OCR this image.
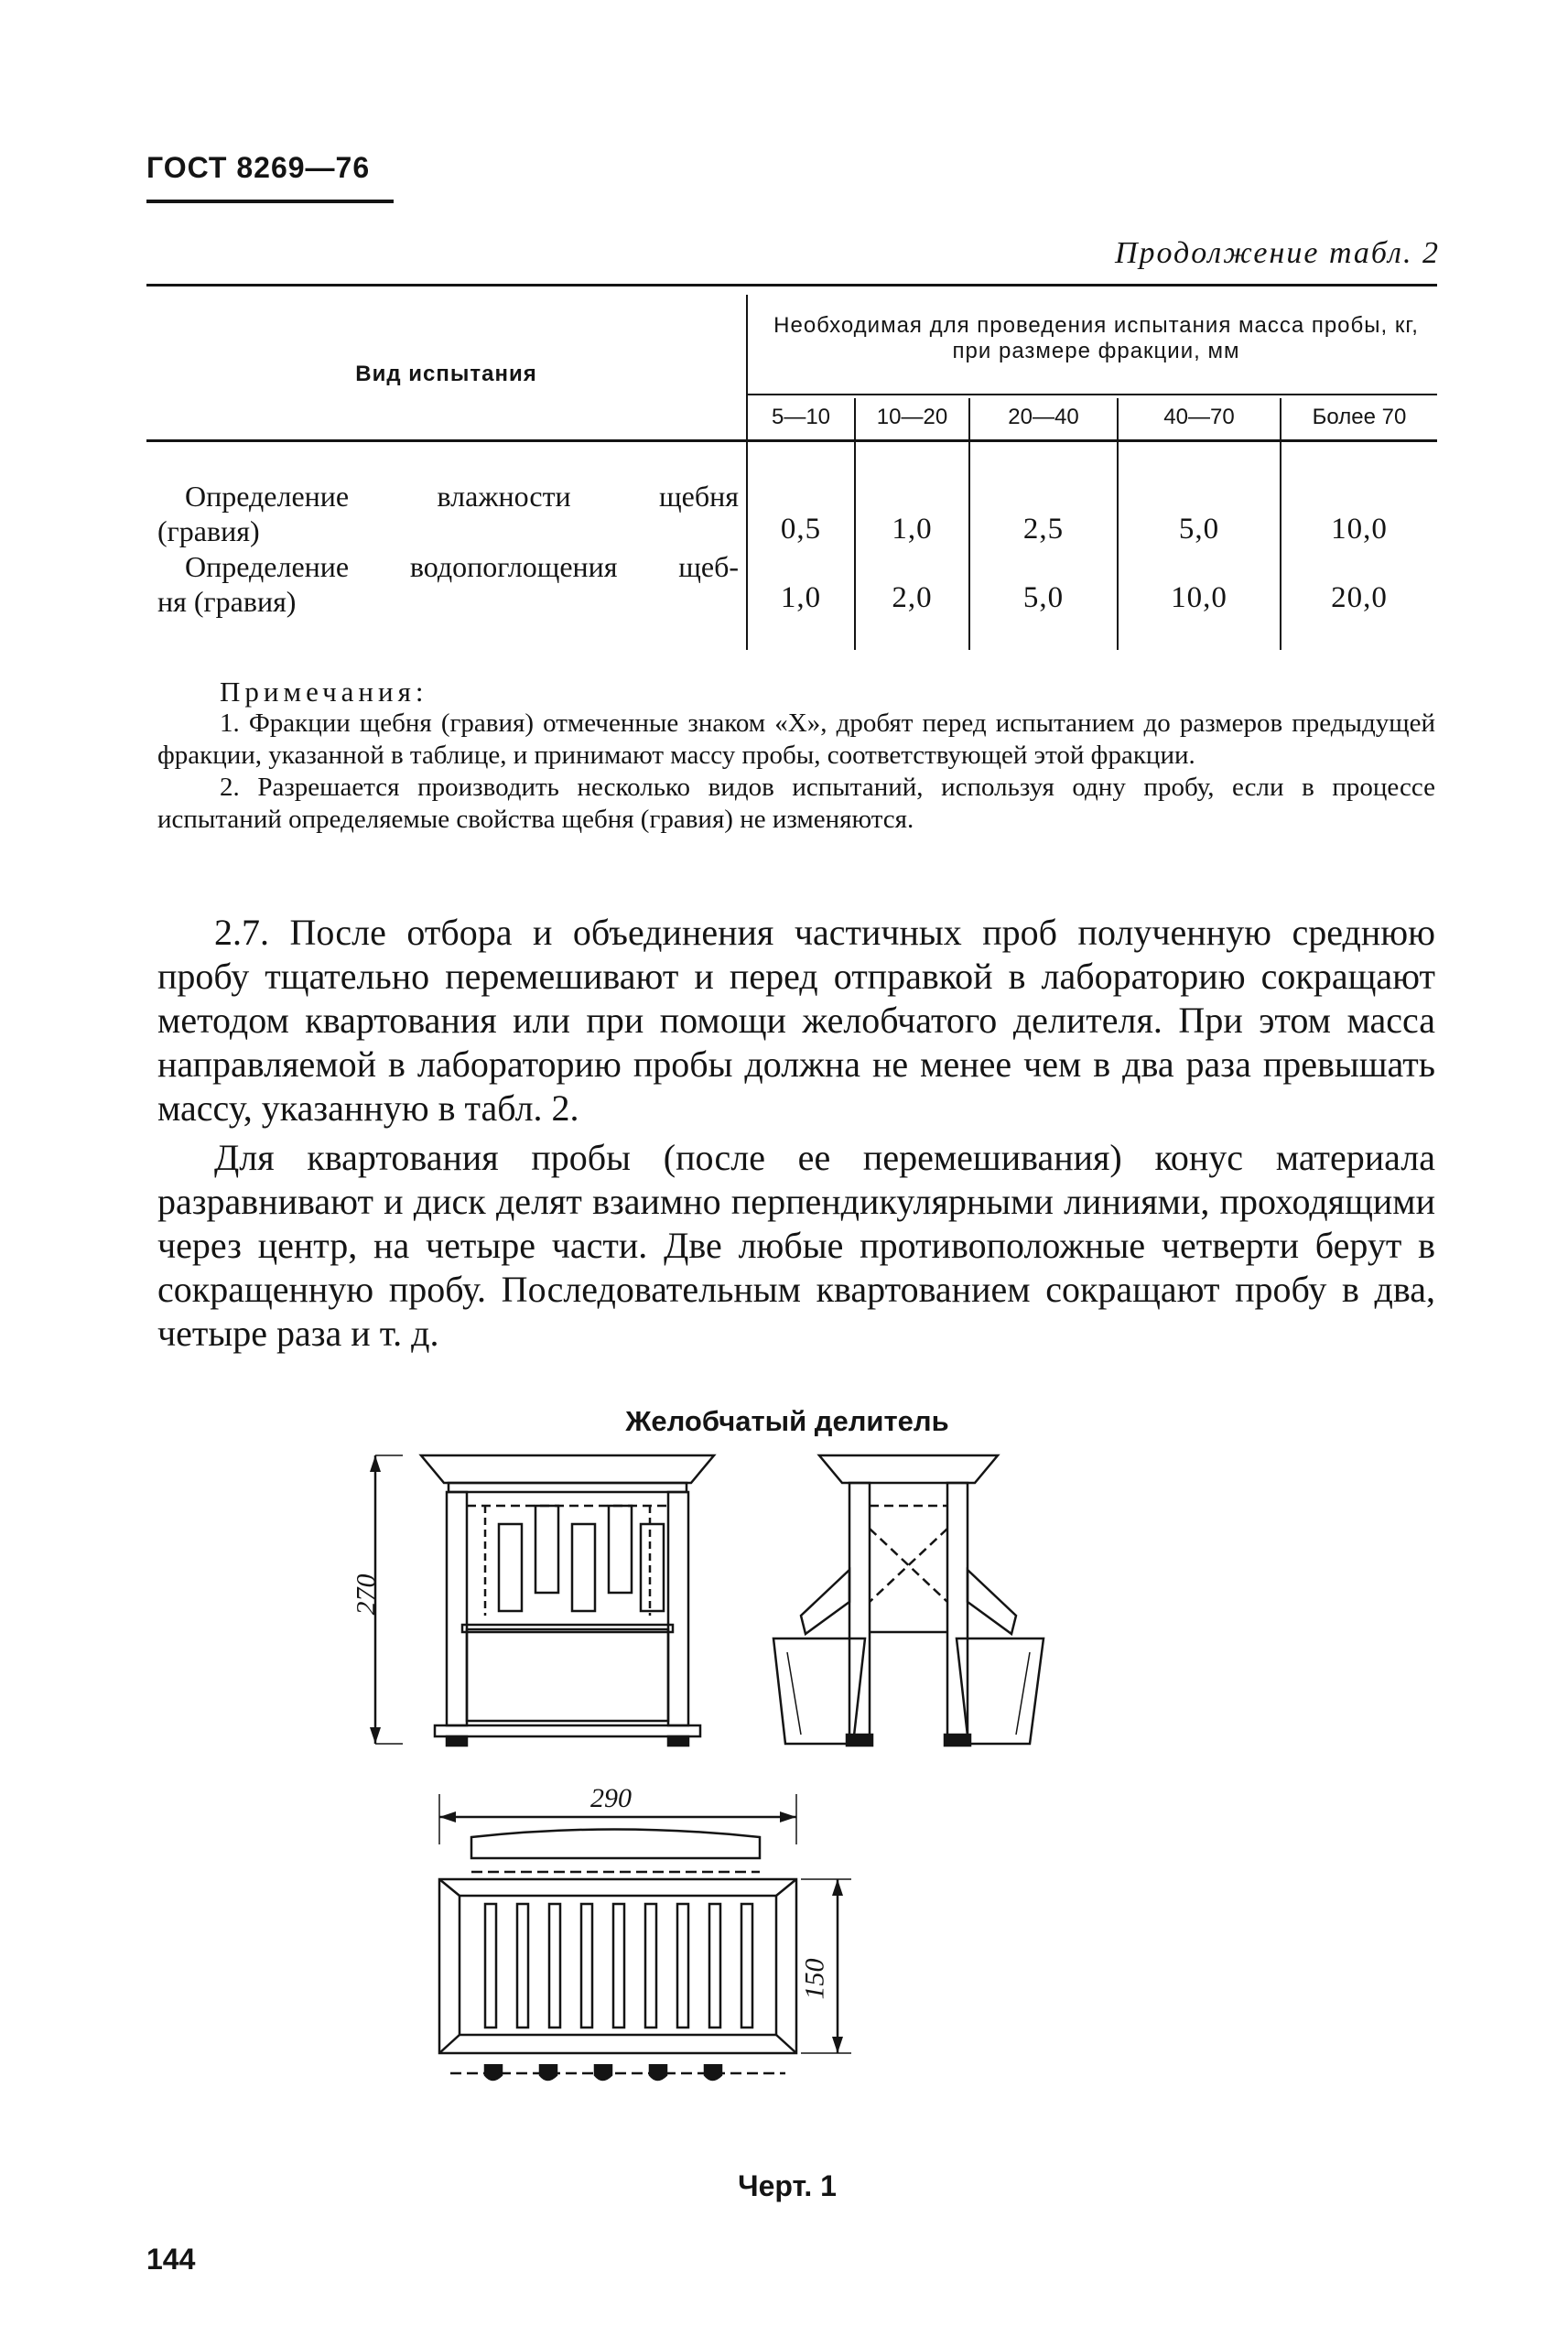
ГОСТ 8269—76
Продолжение табл. 2
Вид испытания
Необходимая для проведения испытания масса пробы, кг, при размере фракции, мм
5—10	10—20	20—40	40—70	Более 70
Определение влажности щебня
(гравия)	0,5	1,0	2,5	5,0	10,0
Определение водопоглощения щеб-
ня (гравия)	1,0	2,0	5,0	10,0	20,0

Примечания:

1. Фракции щебня (гравия) отмеченные знаком «X», дробят перед испытанием до размеров предыдущей фракции, указанной в таблице, и принимают массу пробы, соответствующей этой фракции.

2. Разрешается производить несколько видов испытаний, используя одну пробу, если в процессе испытаний определяемые свойства щебня (гравия) не изменяются.

2.7. После отбора и объединения частичных проб полученную среднюю пробу тщательно перемешивают и перед отправкой в лабораторию сокращают методом квартования или при помощи желобчатого делителя. При этом масса направляемой в лабораторию пробы должна не менее чем в два раза превышать массу, указанную в табл. 2.

Для квартования пробы (после ее перемешивания) конус материала разравнивают и диск делят взаимно перпендикулярными линиями, проходящими через центр, на четыре части. Две любые противоположные четверти берут в сокращенную пробу. Последовательным квартованием сокращают пробу в два, четыре раза и т. д.

Желобчатый делитель
270
290
150
Черт. 1
144
